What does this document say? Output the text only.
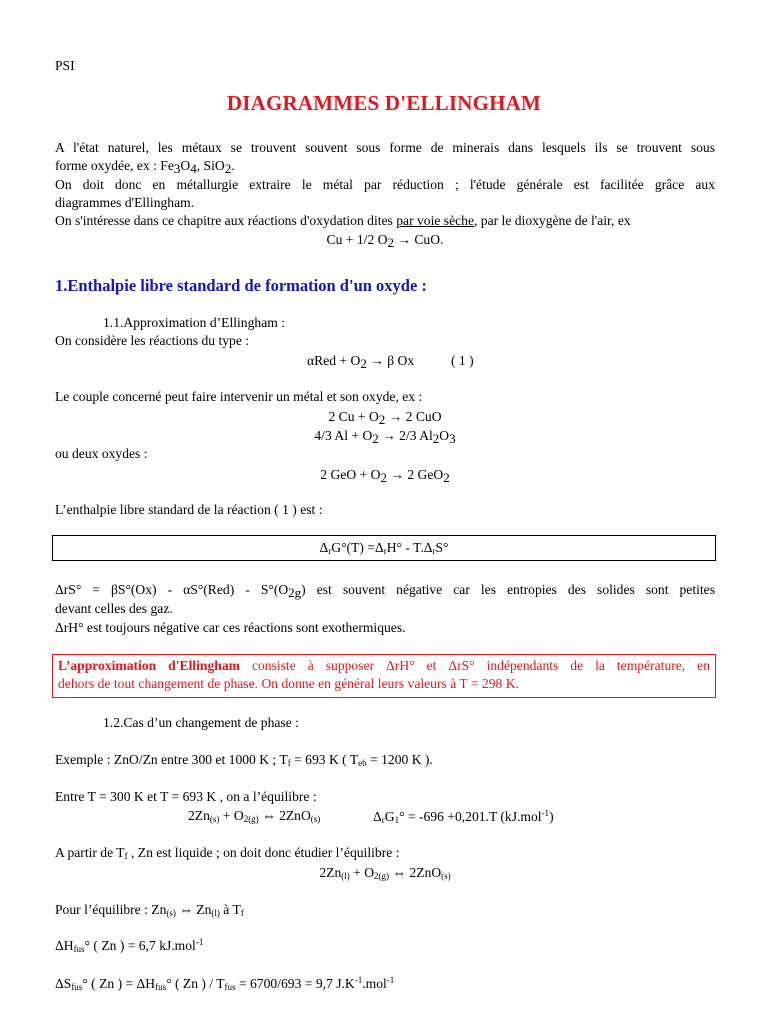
PSI
DIAGRAMMES D'ELLINGHAM
A l'état naturel, les métaux se trouvent souvent sous forme de minerais dans lesquels ils se trouvent sous
forme oxydée, ex : $Fe_3O_4$, SiO$_2$.
On doit donc en métallurgie extraire le métal par réduction ; l'étude générale est facilitée grâce aux
diagrammes d'Ellingham.
On s'intéresse dans ce chapitre aux réactions d'oxydation dites par voie sèche, par le dioxygène de l'air, ex
Cu + 1/2 $O_2$ → CuO.
1.Enthalpie libre standard de formation d'un oxyde :
1.1.Approximation d’Ellingham :
On considère les réactions du type :
$\alpha Red + O_2 \to \beta$ Ox	( 1 )
Le couple concerné peut faire intervenir un métal et son oxyde, ex :
2 $Cu + O_2 \to 2$ CuO
4/3 $Al + O_2 \to 2/3$ $Al_2O_3$
ou deux oxydes :
2 GeO + $O_2 \to 2$ GeO$_2$
L’enthalpie libre standard de la réaction ( 1 ) est :
$\Delta_rG^\circ(T) =\Delta_rH^\circ - T.\Delta_rS^\circ$
$\Delta rS^\circ = \beta S^\circ(Ox) - \alpha S^\circ(Red) - S^\circ(O_{2g})$ est souvent négative car les entropies des solides sont petites
devant celles des gaz.
ΔrH° est toujours négative car ces réactions sont exothermiques.
L’approximation d'Ellingham consiste à supposer ΔrH° et ΔrS° indépendants de la température, en
dehors de tout changement de phase. On donne en général leurs valeurs à T = 298 K.
1.2.Cas d’un changement de phase :
Exemple : ZnO/Zn entre 300 et 1000 K ; $T_f = 693$ K ( $T_{eb} = 1200$ K ).
Entre T = 300 K et T = 693 K , on a l’équilibre :
$2Zn_{(s)} + O_{2(g)}$ ⇔ 2ZnO$_{(s)}$	$\Delta_rG_1^\circ = -696 +0,201.T$ (kJ.mol$^{-1}$)
A partir de $T_f$ , Zn est liquide ; on doit donc étudier l’équilibre :
$2Zn_{(l)} + O_{2(g)}$ ⇔ 2ZnO$_{(s)}$
Pour l’équilibre : $Zn_{(s)}$ ⇔ $Zn_{(l)}$ à $T_f$
$\Delta H_{fus}^\circ$ ( Zn ) = 6,7 kJ.mol$^{-1}$
$\Delta S_{fus}^\circ$ ( Zn ) = $\Delta H_{fus}^\circ$ ( Zn ) / $T_{fus} = 6700/693 = 9,7$ $J.K^{-1}.mol^{-1}$
